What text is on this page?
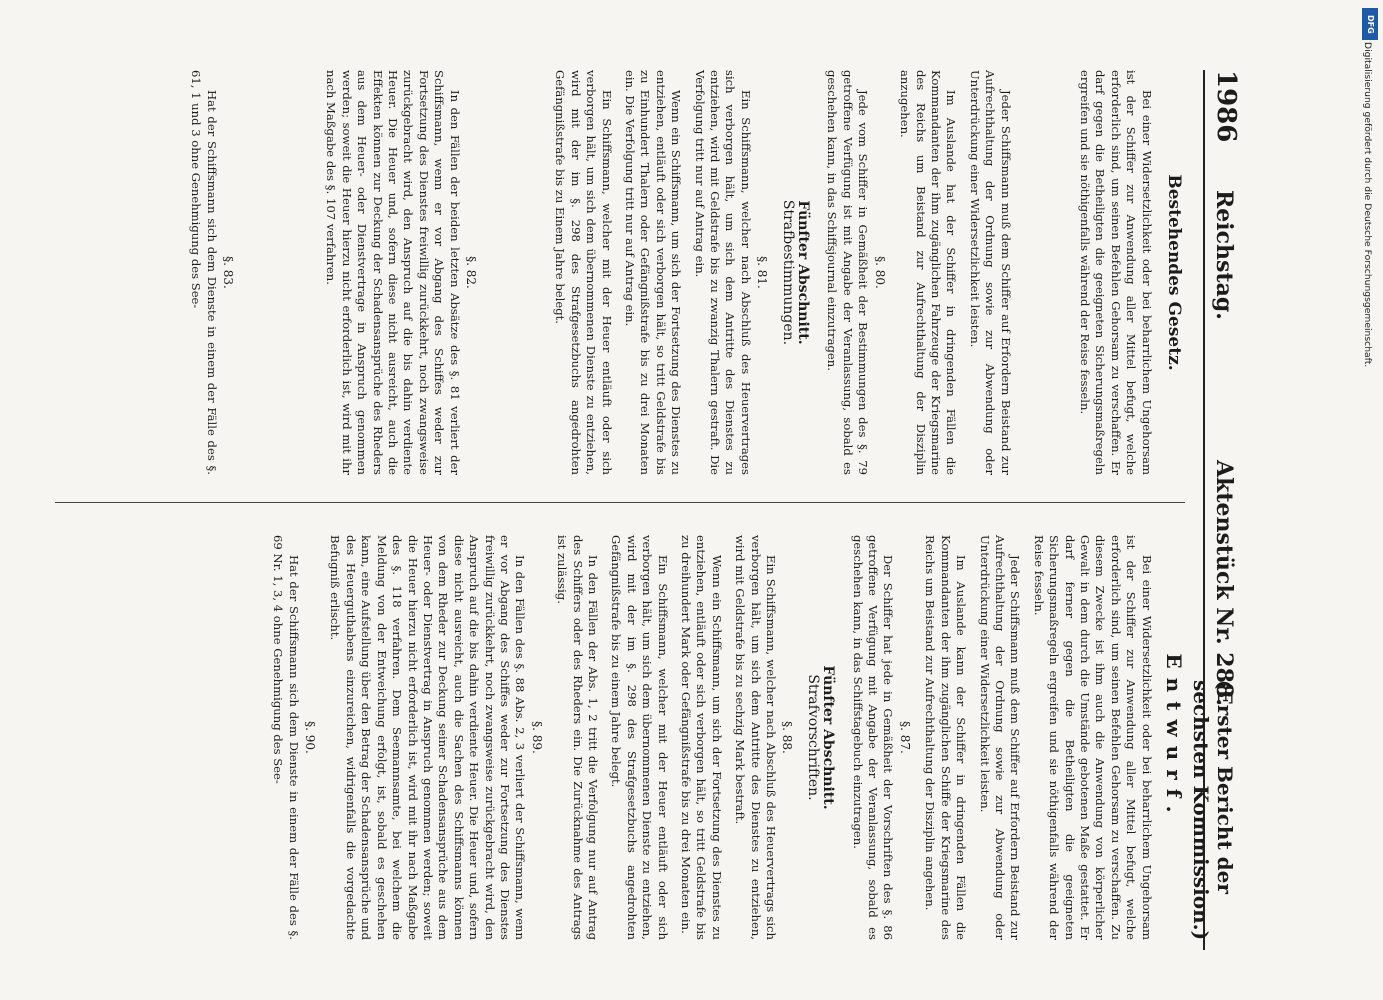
1986
Reichstag.
Aktenstück Nr. 288.
(Erster Bericht der sechsten Kommission.)
Bestehendes Gesetz.

Bei einer Widersetzlichkeit oder bei beharrlichem Ungehorsam ist der Schiffer zur Anwendung aller Mittel befugt, welche erforderlich sind, um seinen Befehlen Gehorsam zu verschaffen. Er darf gegen die Betheiligten die geeigneten Sicherungsmaßregeln ergreifen und sie nöthigenfalls während der Reise fesseln.

Jeder Schiffsmann muß dem Schiffer auf Erfordern Beistand zur Aufrechthaltung der Ordnung sowie zur Abwendung oder Unterdrückung einer Widersetzlichkeit leisten.

Im Auslande hat der Schiffer in dringenden Fällen die Kommandanten der ihm zugänglichen Fahrzeuge der Kriegsmarine des Reichs um Beistand zur Aufrechthaltung der Disziplin anzugehen.

§. 80.

Jede vom Schiffer in Gemäßheit der Bestimmungen des §. 79 getroffene Verfügung ist mit Angabe der Veranlassung, sobald es geschehen kann, in das Schiffsjournal einzutragen.

Fünfter Abschnitt.
Strafbestimmungen.
§. 81.

Ein Schiffsmann, welcher nach Abschluß des Heuervertrages sich verborgen hält, um sich dem Antritte des Dienstes zu entziehen, wird mit Geldstrafe bis zu zwanzig Thalern gestraft. Die Verfolgung tritt nur auf Antrag ein.

Wenn ein Schiffsmann, um sich der Fortsetzung des Dienstes zu entziehen, entläuft oder sich verborgen hält, so tritt Geldstrafe bis zu Einhundert Thalern oder Gefängnißstrafe bis zu drei Monaten ein. Die Verfolgung tritt nur auf Antrag ein.

Ein Schiffsmann, welcher mit der Heuer entläuft oder sich verborgen hält, um sich dem übernommenen Dienste zu entziehen, wird mit der im §. 298 des Strafgesetzbuchs angedrohten Gefängnißstrafe bis zu Einem Jahre belegt.

§. 82.

In den Fällen der beiden letzten Absätze des §. 81 verliert der Schiffsmann, wenn er vor Abgang des Schiffes weder zur Fortsetzung des Dienstes freiwillig zurückkehrt, noch zwangsweise zurückgebracht wird, den Anspruch auf die bis dahin verdiente Heuer. Die Heuer und, sofern diese nicht ausreicht, auch die Effekten können zur Deckung der Schadensansprüche des Rheders aus dem Heuer- oder Dienstvertrage in Anspruch genommen werden; soweit die Heuer hierzu nicht erforderlich ist, wird mit ihr nach Maßgabe des §. 107 verfahren.

§. 83.

Hat der Schiffsmann sich dem Dienste in einem der Fälle des §. 61, 1 und 3 ohne Genehmigung des See-

Entwurf.

Bei einer Widersetzlichkeit oder bei beharrlichem Ungehorsam ist der Schiffer zur Anwendung aller Mittel befugt, welche erforderlich sind, um seinen Befehlen Gehorsam zu verschaffen. Zu diesem Zwecke ist ihm auch die Anwendung von körperlicher Gewalt in dem durch die Umstände gebotenen Maße gestattet. Er darf ferner gegen die Betheiligten die geeigneten Sicherungsmaßregeln ergreifen und sie nöthigenfalls während der Reise fesseln.

Jeder Schiffsmann muß dem Schiffer auf Erfordern Beistand zur Aufrechthaltung der Ordnung sowie zur Abwendung oder Unterdrückung einer Widersetzlichkeit leisten.

Im Auslande kann der Schiffer in dringenden Fällen die Kommandanten der ihm zugänglichen Schiffe der Kriegsmarine des Reichs um Beistand zur Aufrechthaltung der Disziplin angehen.

§. 87.

Der Schiffer hat jede in Gemäßheit der Vorschriften des §. 86 getroffene Verfügung mit Angabe der Veranlassung, sobald es geschehen kann, in das Schiffstagebuch einzutragen.

Fünfter Abschnitt.
Strafvorschriften.
§. 88.

Ein Schiffsmann, welcher nach Abschluß des Heuervertrags sich verborgen hält, um sich dem Antritte des Dienstes zu entziehen, wird mit Geldstrafe bis zu sechzig Mark bestraft.

Wenn ein Schiffsmann, um sich der Fortsetzung des Dienstes zu entziehen, entläuft oder sich verborgen hält, so tritt Geldstrafe bis zu dreihundert Mark oder Gefängnißstrafe bis zu drei Monaten ein.

Ein Schiffsmann, welcher mit der Heuer entläuft oder sich verborgen hält, um sich dem übernommenen Dienste zu entziehen, wird mit der im §. 298 des Strafgesetzbuchs angedrohten Gefängnißstrafe bis zu einem Jahre belegt.

In den Fällen der Abs. 1, 2 tritt die Verfolgung nur auf Antrag des Schiffers oder des Rheders ein. Die Zurücknahme des Antrags ist zulässig.

§. 89.

In den Fällen des §. 88 Abs. 2, 3 verliert der Schiffsmann, wenn er vor Abgang des Schiffes weder zur Fortsetzung des Dienstes freiwillig zurückkehrt, noch zwangsweise zurückgebracht wird, den Anspruch auf die bis dahin verdiente Heuer. Die Heuer und, sofern diese nicht ausreicht, auch die Sachen des Schiffsmanns können von dem Rheder zur Deckung seiner Schadensansprüche aus dem Heuer- oder Dienstvertrag in Anspruch genommen werden; soweit die Heuer hierzu nicht erforderlich ist, wird mit ihr nach Maßgabe des §. 118 verfahren. Dem Seemannsamte, bei welchem die Meldung von der Entweichung erfolgt, ist, sobald es geschehen kann, eine Aufstellung über den Betrag der Schadensansprüche und des Heuerguthabens einzureichen, widrigenfalls die vorgedachte Befugniß erlischt.

§. 90.

Hat der Schiffsmann sich dem Dienste in einem der Fälle des §. 69 Nr. 1, 3, 4 ohne Genehmigung des See-

DFG
Digitalisierung gefördert durch die Deutsche Forschungsgemeinschaft.
